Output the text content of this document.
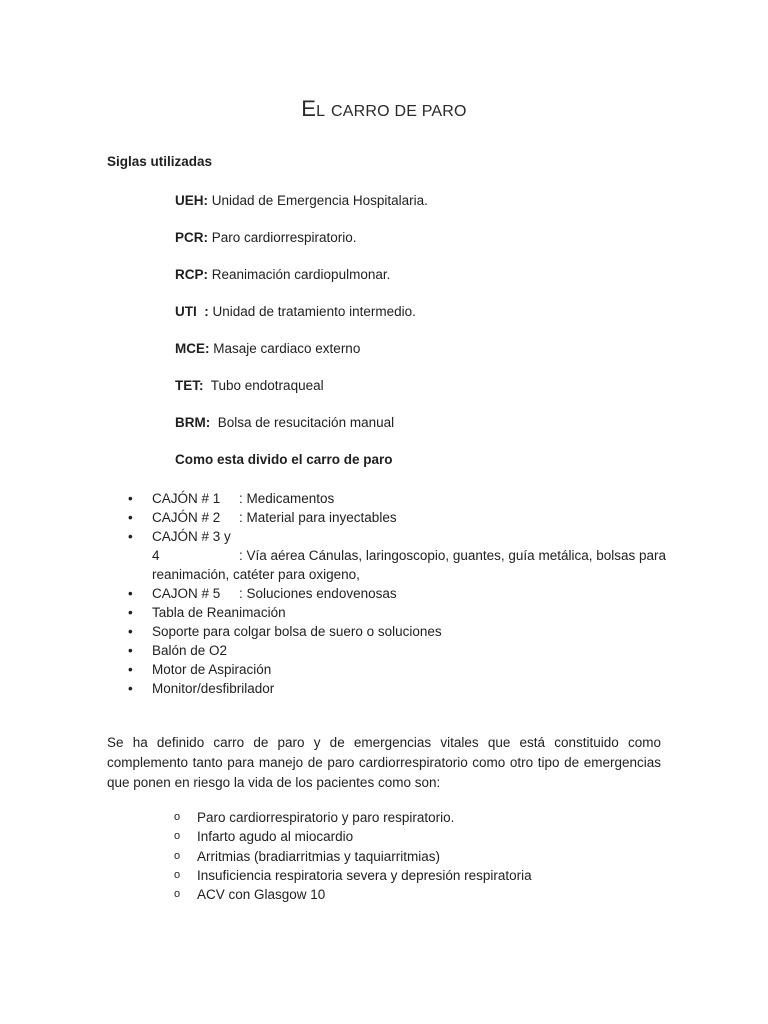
EL CARRO DE PARO
Siglas utilizadas
UEH: Unidad de Emergencia Hospitalaria.
PCR: Paro cardiorrespiratorio.
RCP: Reanimación cardiopulmonar.
UTI  : Unidad de tratamiento intermedio.
MCE: Masaje cardiaco externo
TET:  Tubo endotraqueal
BRM:  Bolsa de resucitación manual
Como esta divido el carro de paro
• CAJÓN # 1 : Medicamentos
• CAJÓN # 2 : Material para inyectables
• CAJÓN # 3 y 4	: Vía aérea Cánulas, laringoscopio, guantes, guía metálica, bolsas para reanimación, catéter para oxigeno,
• CAJON # 5 : Soluciones endovenosas
• Tabla de Reanimación
• Soporte para colgar bolsa de suero o soluciones
• Balón de O2
• Motor de Aspiración
• Monitor/desfibrilador
Se ha definido carro de paro y de emergencias vitales que está constituido como complemento tanto para manejo de paro cardiorrespiratorio como otro tipo de emergencias que ponen en riesgo la vida de los pacientes como son:
o Paro cardiorrespiratorio y paro respiratorio.
o Infarto agudo al miocardio
o Arritmias (bradiarritmias y taquiarritmias)
o Insuficiencia respiratoria severa y depresión respiratoria
o ACV con Glasgow 10
